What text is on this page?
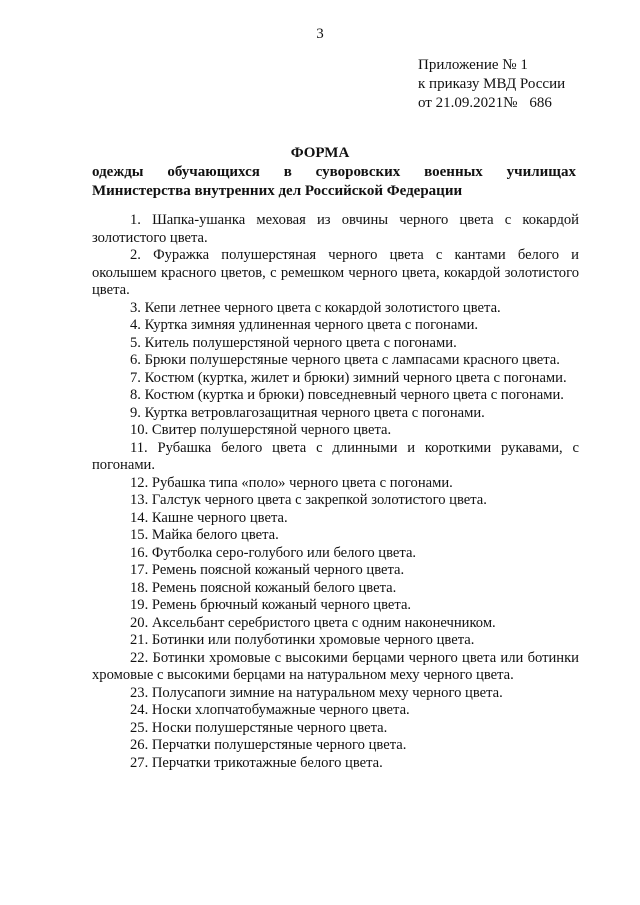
3
Приложение № 1
к приказу МВД России
от 21.09.2021№ 686
ФОРМА
одежды обучающихся в суворовских военных училищах
Министерства внутренних дел Российской Федерации

1. Шапка-ушанка меховая из овчины черного цвета с кокардой золотистого цвета.

2. Фуражка полушерстяная черного цвета с кантами белого и околышем красного цветов, с ремешком черного цвета, кокардой золотистого цвета.

3. Кепи летнее черного цвета с кокардой золотистого цвета.

4. Куртка зимняя удлиненная черного цвета с погонами.

5. Китель полушерстяной черного цвета с погонами.

6. Брюки полушерстяные черного цвета с лампасами красного цвета.

7. Костюм (куртка, жилет и брюки) зимний черного цвета с погонами.

8. Костюм (куртка и брюки) повседневный черного цвета с погонами.

9. Куртка ветровлагозащитная черного цвета с погонами.

10. Свитер полушерстяной черного цвета.

11. Рубашка белого цвета с длинными и короткими рукавами, с погонами.

12. Рубашка типа «поло» черного цвета с погонами.

13. Галстук черного цвета с закрепкой золотистого цвета.

14. Кашне черного цвета.

15. Майка белого цвета.

16. Футболка серо-голубого или белого цвета.

17. Ремень поясной кожаный черного цвета.

18. Ремень поясной кожаный белого цвета.

19. Ремень брючный кожаный черного цвета.

20. Аксельбант серебристого цвета с одним наконечником.

21. Ботинки или полуботинки хромовые черного цвета.

22. Ботинки хромовые с высокими берцами черного цвета или ботинки хромовые с высокими берцами на натуральном меху черного цвета.

23. Полусапоги зимние на натуральном меху черного цвета.

24. Носки хлопчатобумажные черного цвета.

25. Носки полушерстяные черного цвета.

26. Перчатки полушерстяные черного цвета.

27. Перчатки трикотажные белого цвета.
